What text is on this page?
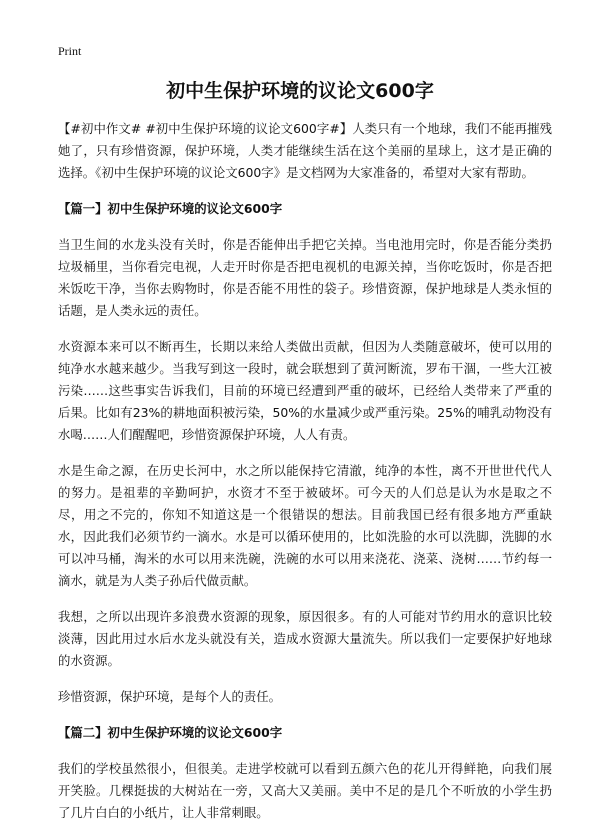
Print
初中生保护环境的议论文600字

【#初中作文# #初中生保护环境的议论文600字#】人类只有一个地球，我们不能再摧残她了，只有珍惜资源，保护环境，人类才能继续生活在这个美丽的星球上，这才是正确的选择。《初中生保护环境的议论文600字》是文档网为大家准备的，希望对大家有帮助。

【篇一】初中生保护环境的议论文600字

当卫生间的水龙头没有关时，你是否能伸出手把它关掉。当电池用完时，你是否能分类扔垃圾桶里，当你看完电视，人走开时你是否把电视机的电源关掉，当你吃饭时，你是否把米饭吃干净，当你去购物时，你是否能不用性的袋子。珍惜资源，保护地球是人类永恒的话题，是人类永远的责任。

水资源本来可以不断再生，长期以来给人类做出贡献，但因为人类随意破坏，使可以用的纯净水水越来越少。当我写到这一段时，就会联想到了黄河断流，罗布干涸，一些大江被污染……这些事实告诉我们，目前的环境已经遭到严重的破坏，已经给人类带来了严重的后果。比如有23%的耕地面积被污染，50%的水量减少或严重污染。25%的哺乳动物没有水喝……人们醒醒吧，珍惜资源保护环境，人人有责。

水是生命之源，在历史长河中，水之所以能保持它清澈，纯净的本性，离不开世世代代人的努力。是祖辈的辛勤呵护，水资才不至于被破坏。可今天的人们总是认为水是取之不尽，用之不完的，你知不知道这是一个很错误的想法。目前我国已经有很多地方严重缺水，因此我们必须节约一滴水。水是可以循环使用的，比如洗脸的水可以洗脚，洗脚的水可以冲马桶，淘米的水可以用来洗碗，洗碗的水可以用来浇花、浇菜、浇树……节约每一滴水，就是为人类子孙后代做贡献。

我想，之所以出现许多浪费水资源的现象，原因很多。有的人可能对节约用水的意识比较淡薄，因此用过水后水龙头就没有关，造成水资源大量流失。所以我们一定要保护好地球的水资源。

珍惜资源，保护环境，是每个人的责任。

【篇二】初中生保护环境的议论文600字

我们的学校虽然很小，但很美。走进学校就可以看到五颜六色的花儿开得鲜艳，向我们展开笑脸。几棵挺拔的大树站在一旁，又高大又美丽。美中不足的是几个不听放的小学生扔了几片白白的小纸片，让人非常刺眼。
